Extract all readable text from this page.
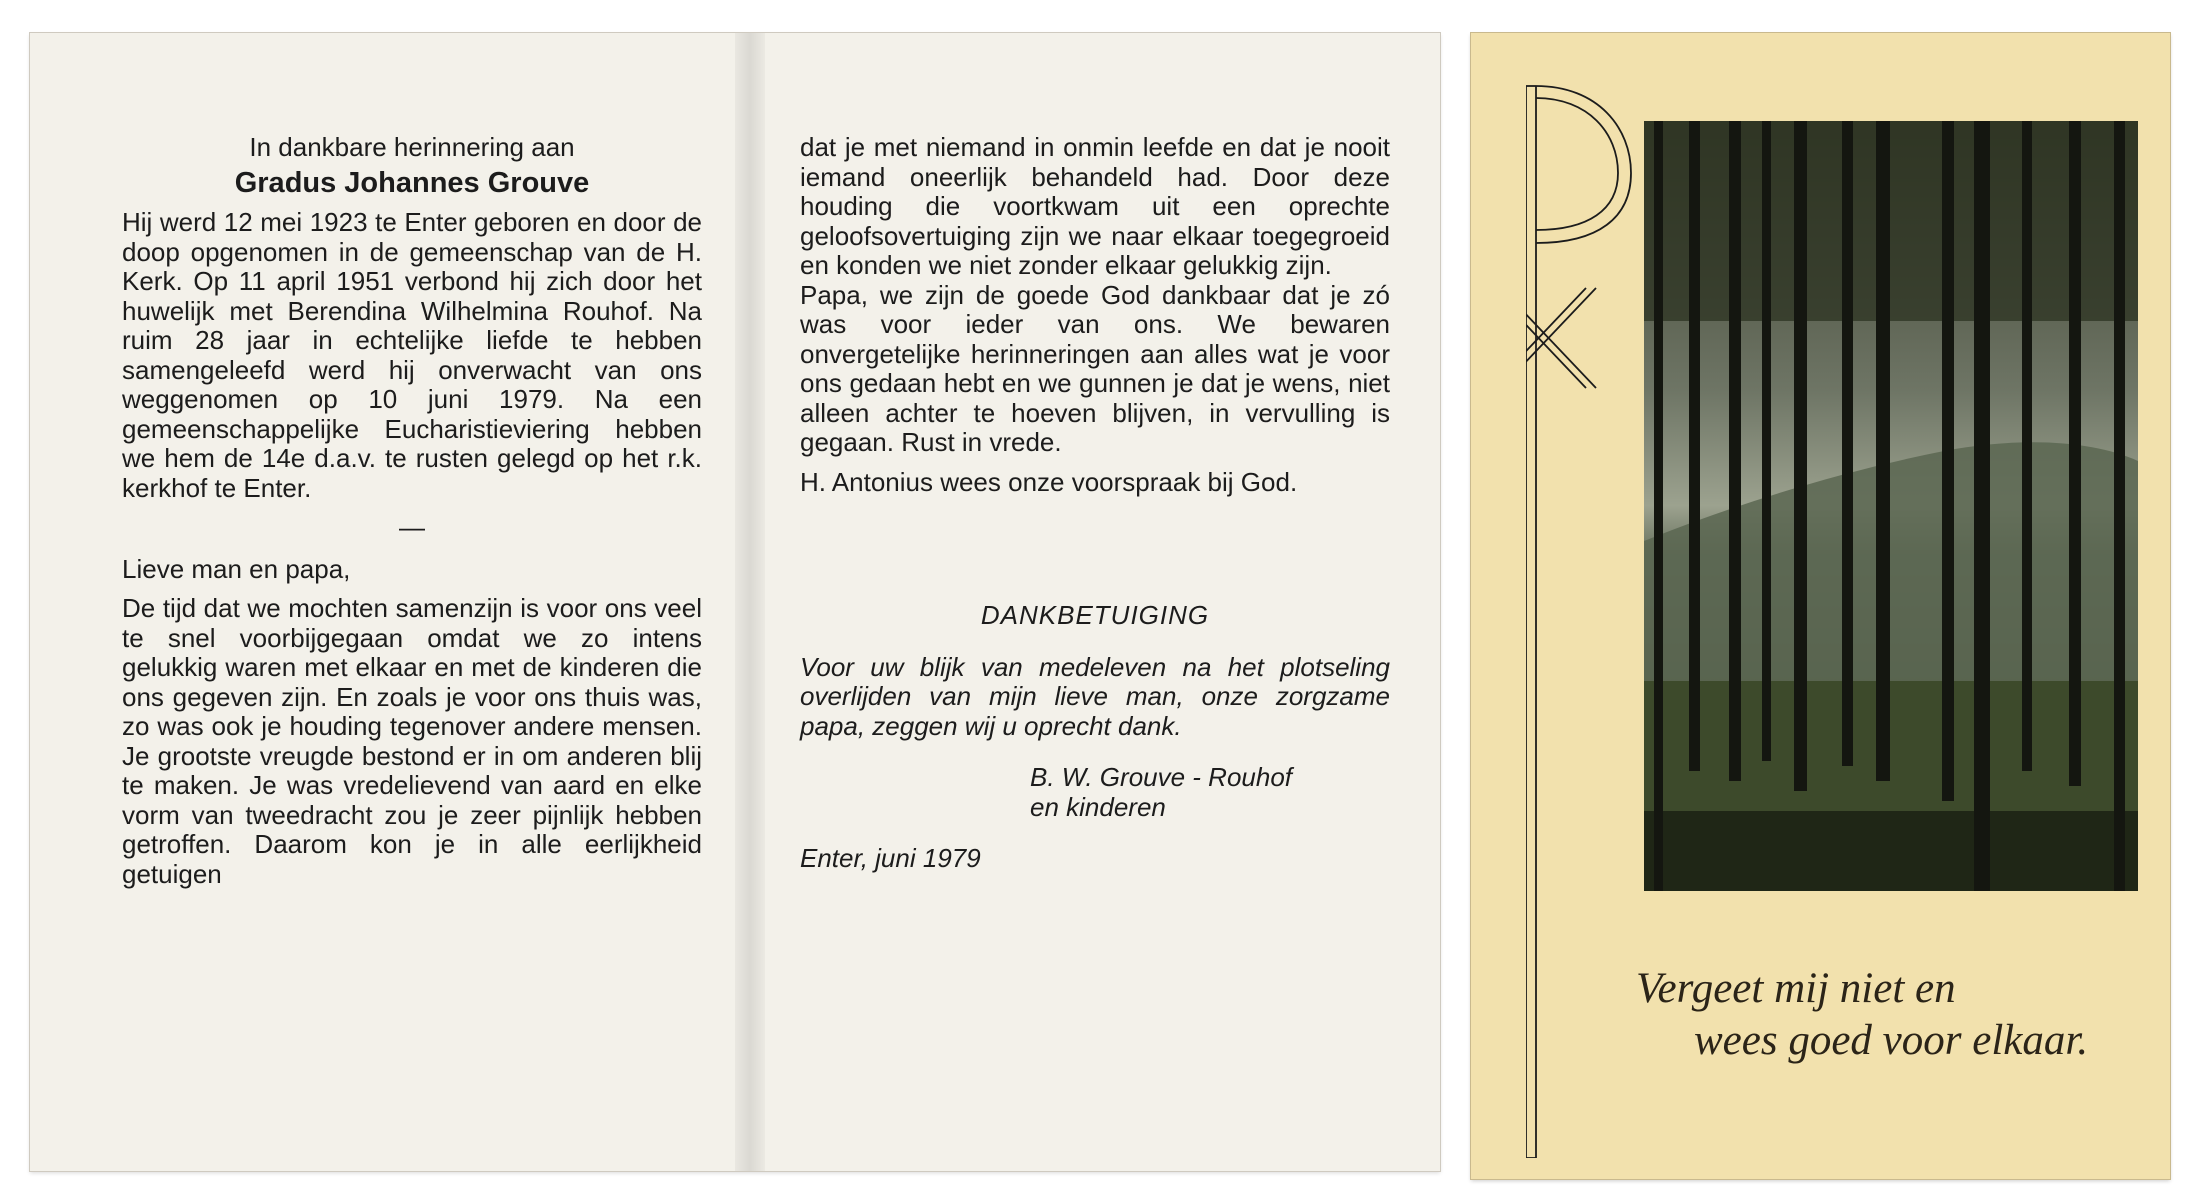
In dankbare herinnering aan
Gradus Johannes Grouve
Hij werd 12 mei 1923 te Enter geboren en door de doop opgenomen in de gemeenschap van de H. Kerk. Op 11 april 1951 verbond hij zich door het huwelijk met Berendina Wilhelmina Rouhof. Na ruim 28 jaar in echtelijke liefde te hebben samengeleefd werd hij onverwacht van ons weggenomen op 10 juni 1979. Na een gemeenschappelijke Eucharistieviering hebben we hem de 14e d.a.v. te rusten gelegd op het r.k. kerkhof te Enter.
—
Lieve man en papa,
De tijd dat we mochten samenzijn is voor ons veel te snel voorbijgegaan omdat we zo intens gelukkig waren met elkaar en met de kinderen die ons gegeven zijn. En zoals je voor ons thuis was, zo was ook je houding tegenover andere mensen. Je grootste vreugde bestond er in om anderen blij te maken. Je was vredelievend van aard en elke vorm van tweedracht zou je zeer pijnlijk hebben getroffen. Daarom kon je in alle eerlijkheid getuigen
dat je met niemand in onmin leefde en dat je nooit iemand oneerlijk behandeld had. Door deze houding die voortkwam uit een oprechte geloofsovertuiging zijn we naar elkaar toegegroeid en konden we niet zonder elkaar gelukkig zijn.
Papa, we zijn de goede God dankbaar dat je zó was voor ieder van ons. We bewaren onvergetelijke herinneringen aan alles wat je voor ons gedaan hebt en we gunnen je dat je wens, niet alleen achter te hoeven blijven, in vervulling is gegaan. Rust in vrede.
H. Antonius wees onze voorspraak bij God.
DANKBETUIGING
Voor uw blijk van medeleven na het plotseling overlijden van mijn lieve man, onze zorgzame papa, zeggen wij u oprecht dank.
B. W. Grouve - Rouhof
en kinderen
Enter, juni 1979
Vergeet mij niet en
wees goed voor elkaar.
